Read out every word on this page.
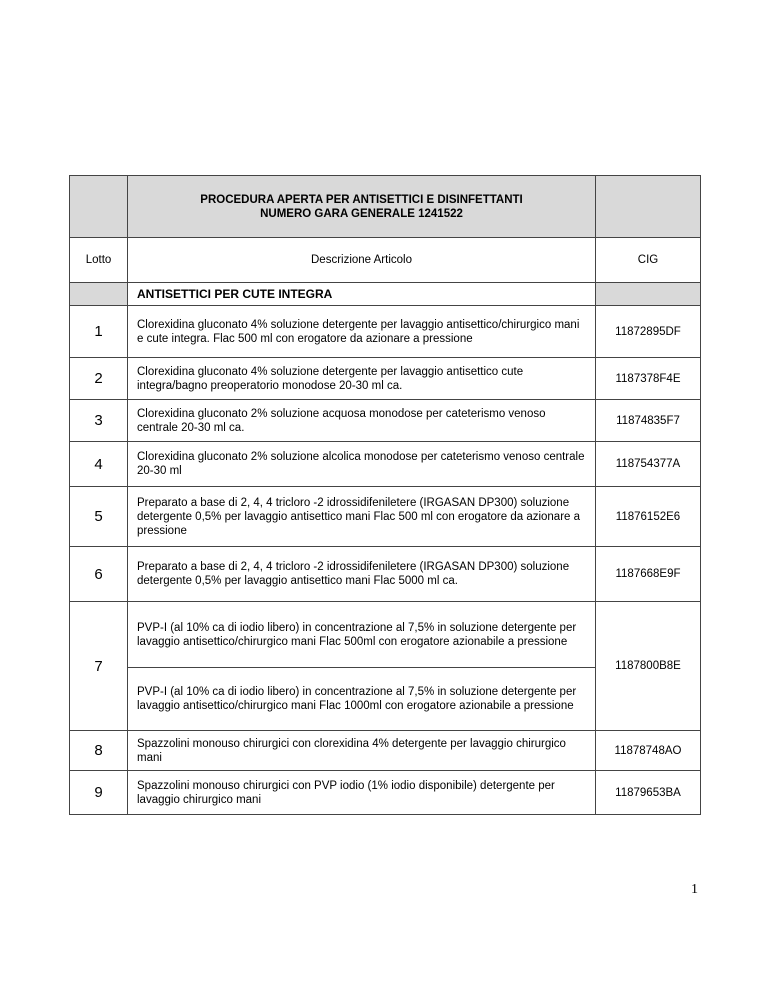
	PROCEDURA APERTA PER ANTISETTICI E DISINFETTANTI
NUMERO GARA GENERALE 1241522	

Lotto	Descrizione Articolo	CIG
	ANTISETTICI PER CUTE INTEGRA	
1	Clorexidina gluconato 4% soluzione detergente per lavaggio antisettico/chirurgico mani e cute integra. Flac 500 ml con erogatore da azionare a pressione	11872895DF
2	Clorexidina gluconato 4% soluzione detergente per lavaggio antisettico cute integra/bagno preoperatorio monodose 20-30 ml ca.	1187378F4E
3	Clorexidina gluconato 2% soluzione acquosa monodose per cateterismo venoso centrale 20-30 ml ca.	11874835F7
4	Clorexidina gluconato 2% soluzione alcolica monodose per cateterismo venoso centrale 20-30 ml	118754377A
5	Preparato a base di 2, 4, 4 tricloro -2 idrossidifeniletere (IRGASAN DP300) soluzione detergente 0,5% per lavaggio antisettico mani Flac 500 ml con erogatore da azionare a pressione	11876152E6
6	Preparato a base di 2, 4, 4 tricloro -2 idrossidifeniletere (IRGASAN DP300) soluzione detergente 0,5% per lavaggio antisettico mani Flac 5000 ml ca.	1187668E9F
7	PVP-I (al 10% ca di iodio libero) in concentrazione al 7,5% in soluzione detergente per lavaggio antisettico/chirurgico mani Flac 500ml con erogatore azionabile a pressione	1187800B8E
	PVP-I (al 10% ca di iodio libero) in concentrazione al 7,5% in soluzione detergente per lavaggio antisettico/chirurgico mani Flac 1000ml con erogatore azionabile a pressione	
8	Spazzolini monouso chirurgici con clorexidina 4% detergente per lavaggio chirurgico mani	11878748AO
9	Spazzolini monouso chirurgici con PVP iodio (1% iodio disponibile) detergente per lavaggio chirurgico mani	11879653BA
1
